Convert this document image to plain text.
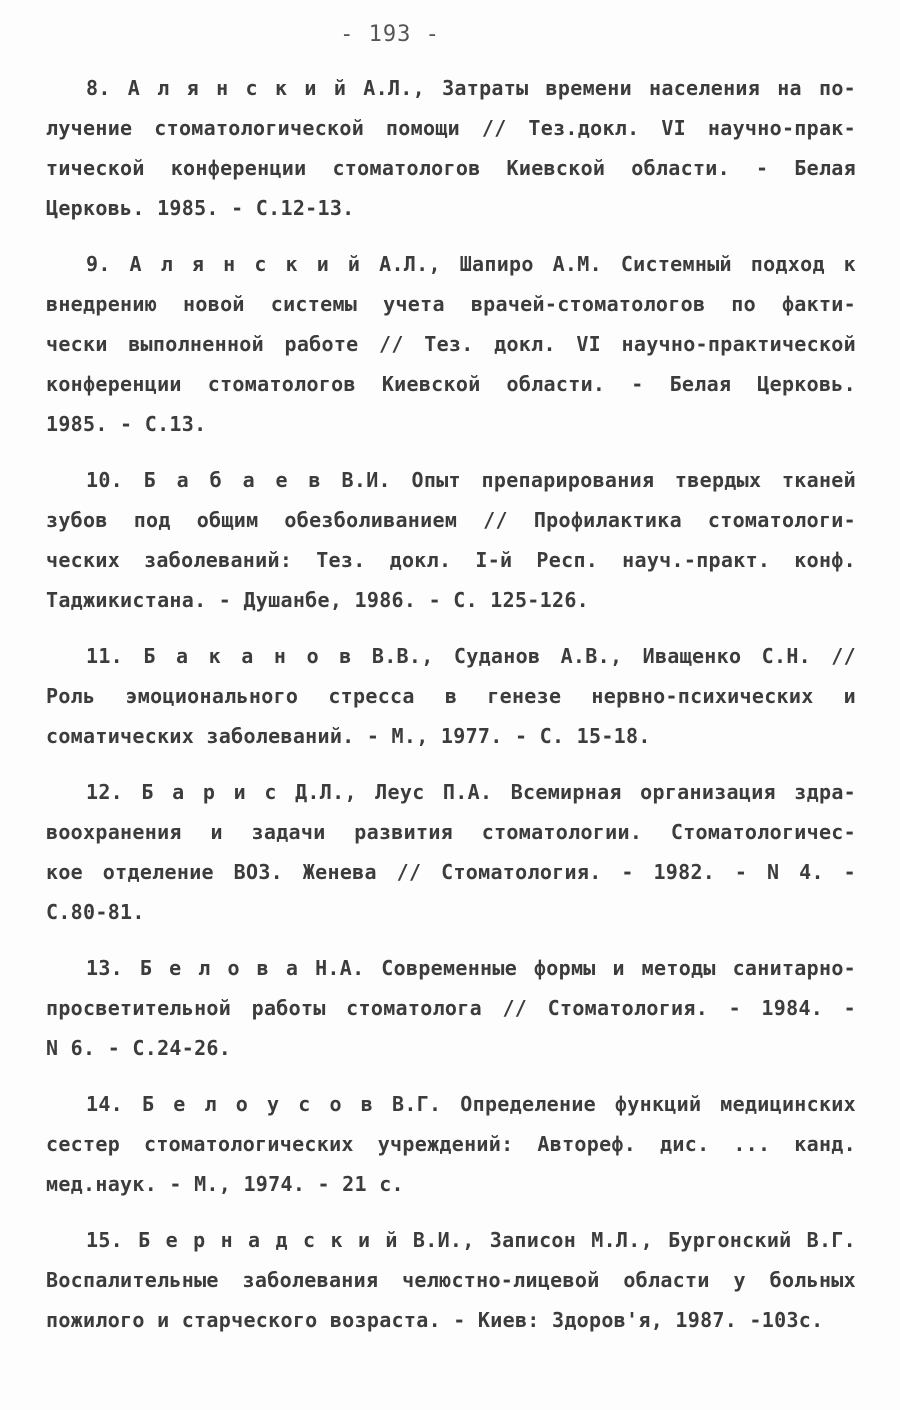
- 193 -
8. А л я н с к и й А.Л., Затраты времени населения на по-
лучение стоматологической помощи // Тез.докл. VI научно-прак-
тической конференции стоматологов Киевской области. - Белая
Церковь. 1985. - С.12-13.
9. А л я н с к и й А.Л., Шапиро А.М. Системный подход к
внедрению новой системы учета врачей-стоматологов по факти-
чески выполненной работе // Тез. докл. VI научно-практической
конференции стоматологов Киевской области. - Белая Церковь.
1985. - С.13.
10. Б а б а е в В.И. Опыт препарирования твердых тканей
зубов под общим обезболиванием // Профилактика стоматологи-
ческих заболеваний: Тез. докл. I-й Респ. науч.-практ. конф.
Таджикистана. - Душанбе, 1986. - С. 125-126.
11. Б а к а н о в В.В., Суданов А.В., Иващенко С.Н. //
Роль эмоционального стресса в генезе нервно-психических и
соматических заболеваний. - М., 1977. - С. 15-18.
12. Б а р и с Д.Л., Леус П.А. Всемирная организация здра-
воохранения и задачи развития стоматологии. Стоматологичес-
кое отделение ВОЗ. Женева // Стоматология. - 1982. - N 4. -
С.80-81.
13. Б е л о в а Н.А. Современные формы и методы санитарно-
просветительной работы стоматолога // Стоматология. - 1984. -
N 6. - С.24-26.
14. Б е л о у с о в В.Г. Определение функций медицинских
сестер стоматологических учреждений: Автореф. дис. ... канд.
мед.наук. - М., 1974. - 21 с.
15. Б е р н а д с к и й В.И., Записон М.Л., Бургонский В.Г.
Воспалительные заболевания челюстно-лицевой области у больных
пожилого и старческого возраста. - Киев: Здоров'я, 1987. -103с.
